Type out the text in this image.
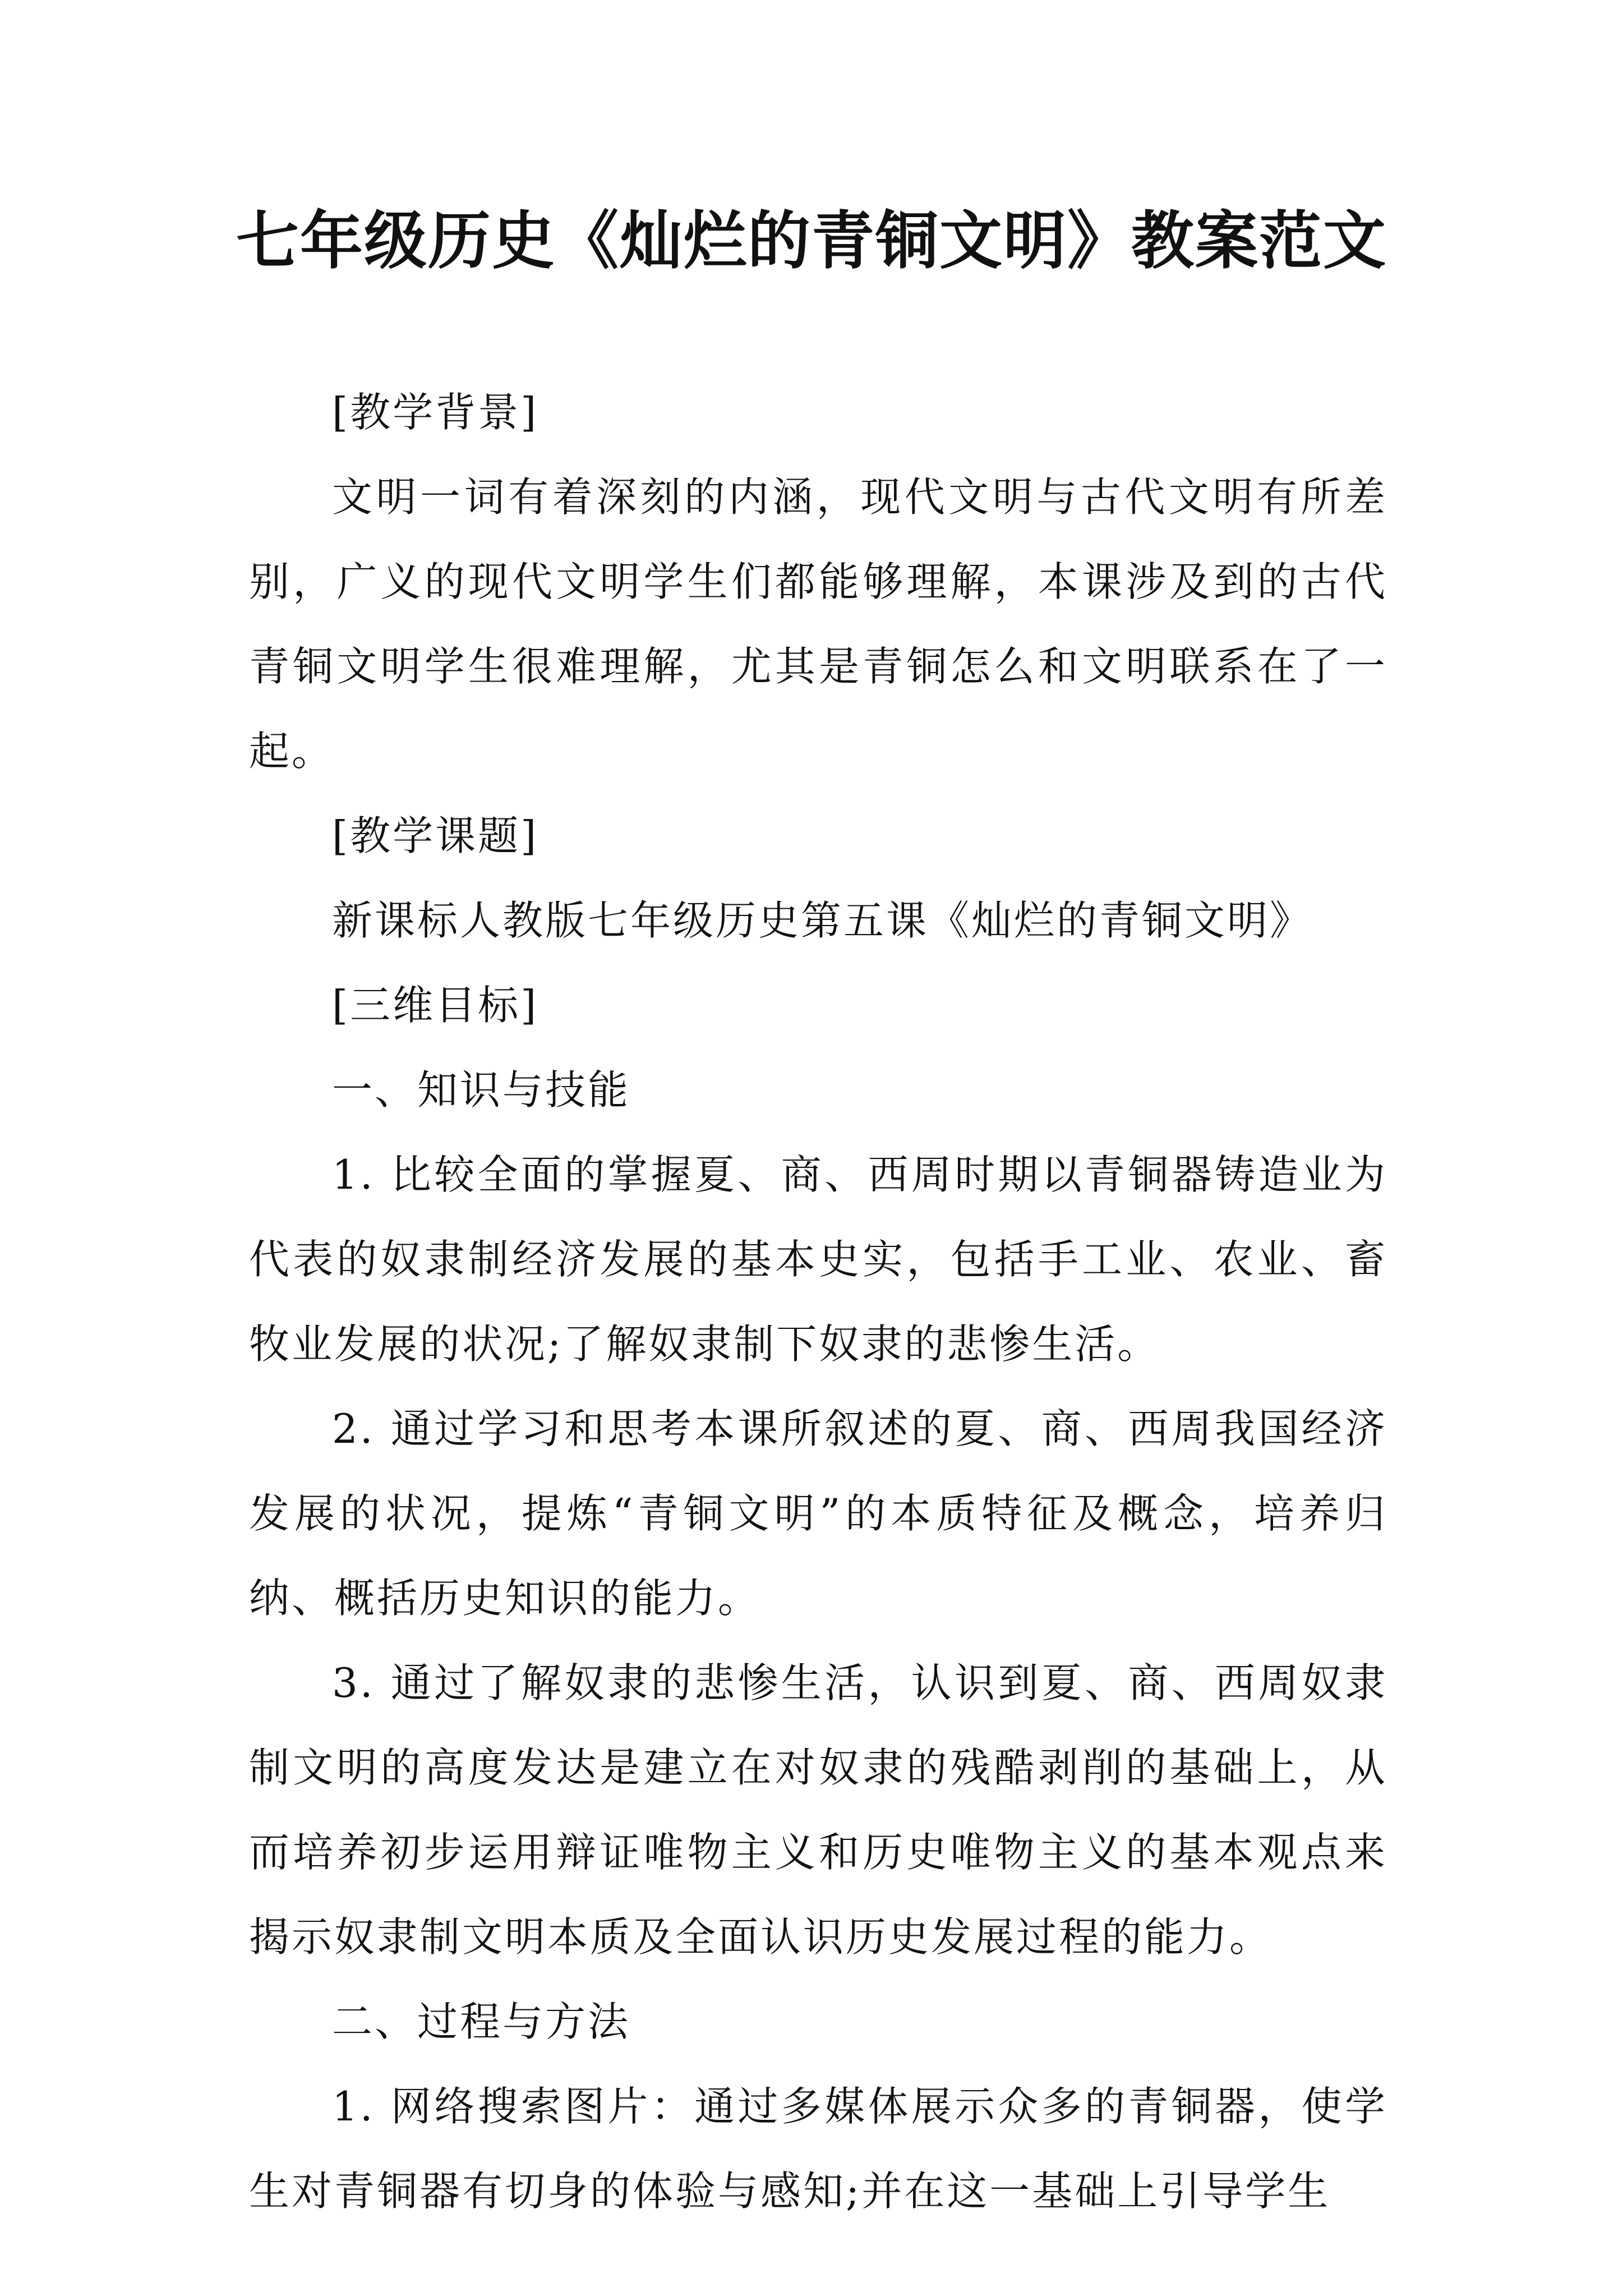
七年级历史《灿烂的青铜文明》教案范文

[教学背景]

文明一词有着深刻的内涵，现代文明与古代文明有所差别，广义的现代文明学生们都能够理解，本课涉及到的古代青铜文明学生很难理解，尤其是青铜怎么和文明联系在了一起。

[教学课题]

新课标人教版七年级历史第五课《灿烂的青铜文明》

[三维目标]

一、知识与技能

1. 比较全面的掌握夏、商、西周时期以青铜器铸造业为代表的奴隶制经济发展的基本史实，包括手工业、农业、畜牧业发展的状况;了解奴隶制下奴隶的悲惨生活。

2. 通过学习和思考本课所叙述的夏、商、西周我国经济发展的状况，提炼“青铜文明”的本质特征及概念，培养归纳、概括历史知识的能力。

3. 通过了解奴隶的悲惨生活，认识到夏、商、西周奴隶制文明的高度发达是建立在对奴隶的残酷剥削的基础上，从而培养初步运用辩证唯物主义和历史唯物主义的基本观点来揭示奴隶制文明本质及全面认识历史发展过程的能力。

二、过程与方法

1. 网络搜索图片：通过多媒体展示众多的青铜器，使学生对青铜器有切身的体验与感知;并在这一基础上引导学生
